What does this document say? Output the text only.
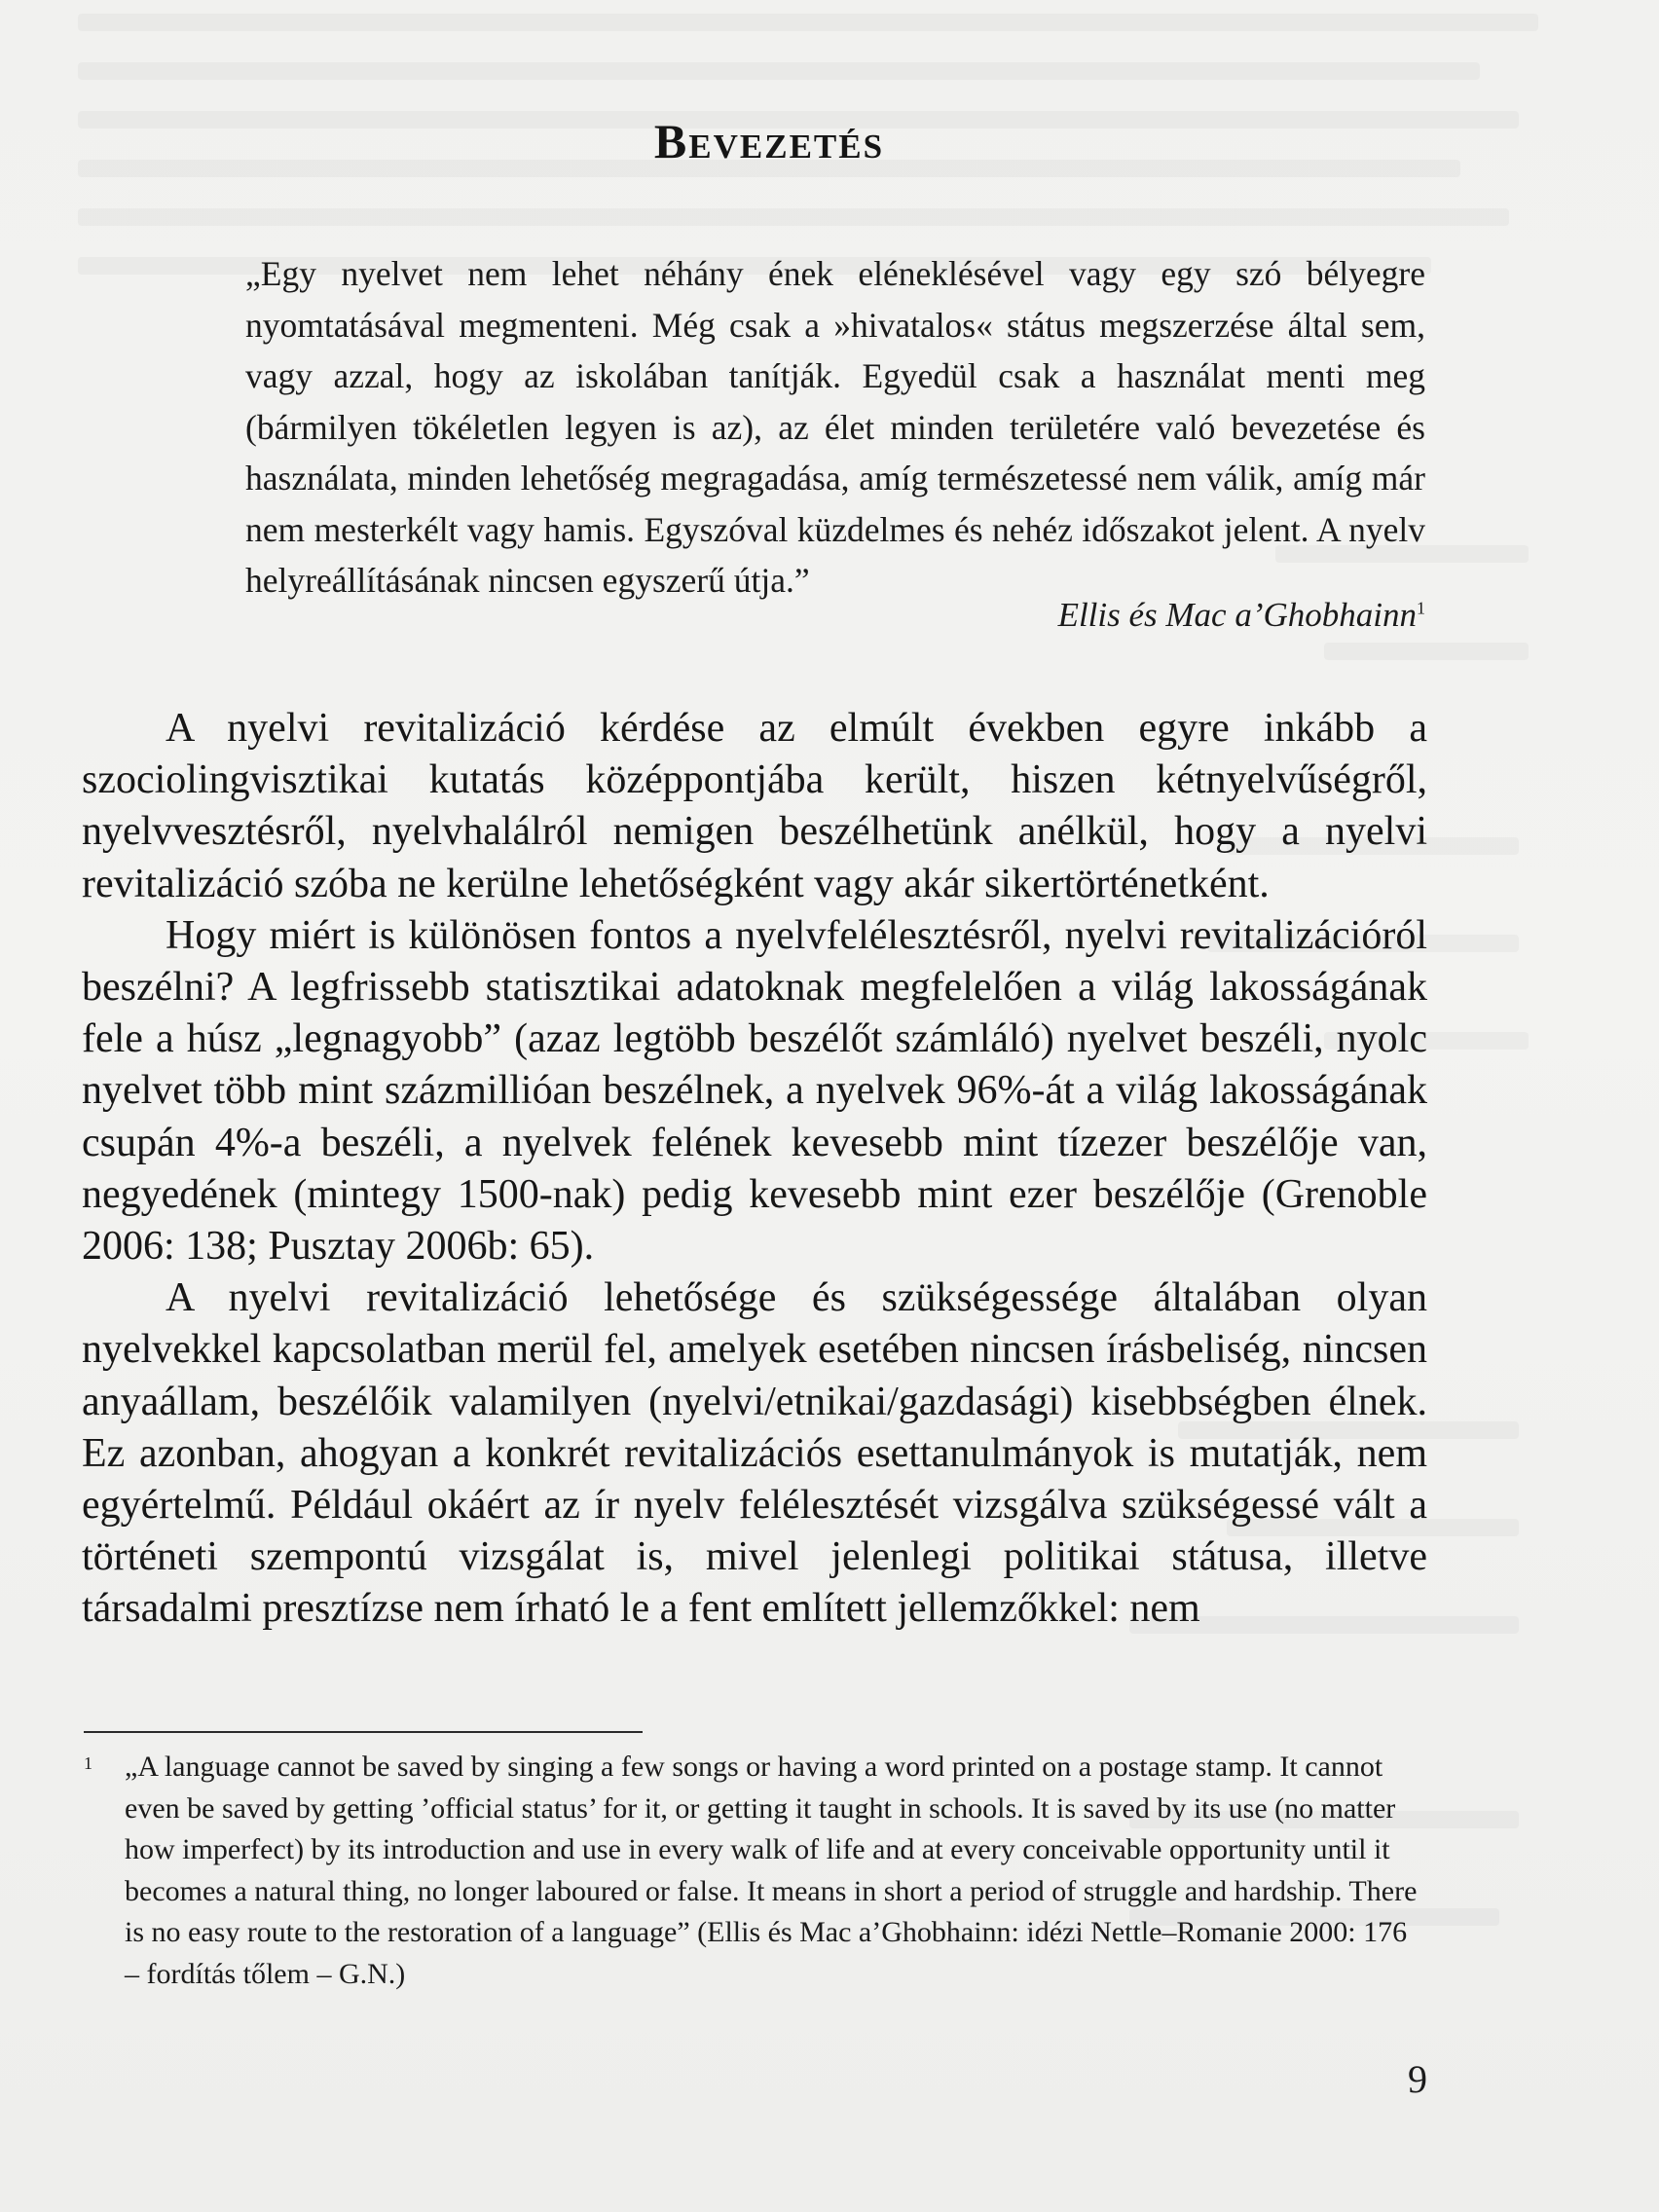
Bevezetés

„Egy nyelvet nem lehet néhány ének eléneklésével vagy egy szó bélyegre nyomtatásával megmenteni. Még csak a »hivatalos« státus megszerzése által sem, vagy azzal, hogy az iskolában tanítják. Egyedül csak a használat menti meg (bármilyen tökéletlen legyen is az), az élet minden területére való bevezetése és használata, minden lehetőség megragadása, amíg természetessé nem válik, amíg már nem mesterkélt vagy hamis. Egyszóval küzdelmes és nehéz időszakot jelent. A nyelv helyreállításának nincsen egyszerű útja.”

Ellis és Mac a’Ghobhainn$^1$

A nyelvi revitalizáció kérdése az elmúlt években egyre inkább a szociolingvisztikai kutatás középpontjába került, hiszen kétnyelvűségről, nyelvvesztésről, nyelvhalálról nemigen beszélhetünk anélkül, hogy a nyelvi revitalizáció szóba ne kerülne lehetőségként vagy akár sikertörténetként.

Hogy miért is különösen fontos a nyelvfelélesztésről, nyelvi revitalizációról beszélni? A legfrissebb statisztikai adatoknak megfelelően a világ lakosságának fele a húsz „legnagyobb” (azaz legtöbb beszélőt számláló) nyelvet beszéli, nyolc nyelvet több mint százmillióan beszélnek, a nyelvek 96%-át a világ lakosságának csupán 4%-a beszéli, a nyelvek felének kevesebb mint tízezer beszélője van, negyedének (mintegy 1500-nak) pedig kevesebb mint ezer beszélője (Grenoble 2006: 138; Pusztay 2006b: 65).

A nyelvi revitalizáció lehetősége és szükségessége általában olyan nyelvekkel kapcsolatban merül fel, amelyek esetében nincsen írásbeliség, nincsen anyaállam, beszélőik valamilyen (nyelvi/etnikai/gazdasági) kisebbségben élnek. Ez azonban, ahogyan a konkrét revitalizációs esettanulmányok is mutatják, nem egyértelmű. Például okáért az ír nyelv felélesztését vizsgálva szükségessé vált a történeti szempontú vizsgálat is, mivel jelenlegi politikai státusa, illetve társadalmi presztízse nem írható le a fent említett jellemzőkkel: nem

1 „A language cannot be saved by singing a few songs or having a word printed on a postage stamp. It cannot even be saved by getting ’official status’ for it, or getting it taught in schools. It is saved by its use (no matter how imperfect) by its introduction and use in every walk of life and at every conceivable opportunity until it becomes a natural thing, no longer laboured or false. It means in short a period of struggle and hardship. There is no easy route to the restoration of a language” (Ellis és Mac a’Ghobhainn: idézi Nettle–Romanie 2000: 176 – fordítás tőlem – G.N.)
9
